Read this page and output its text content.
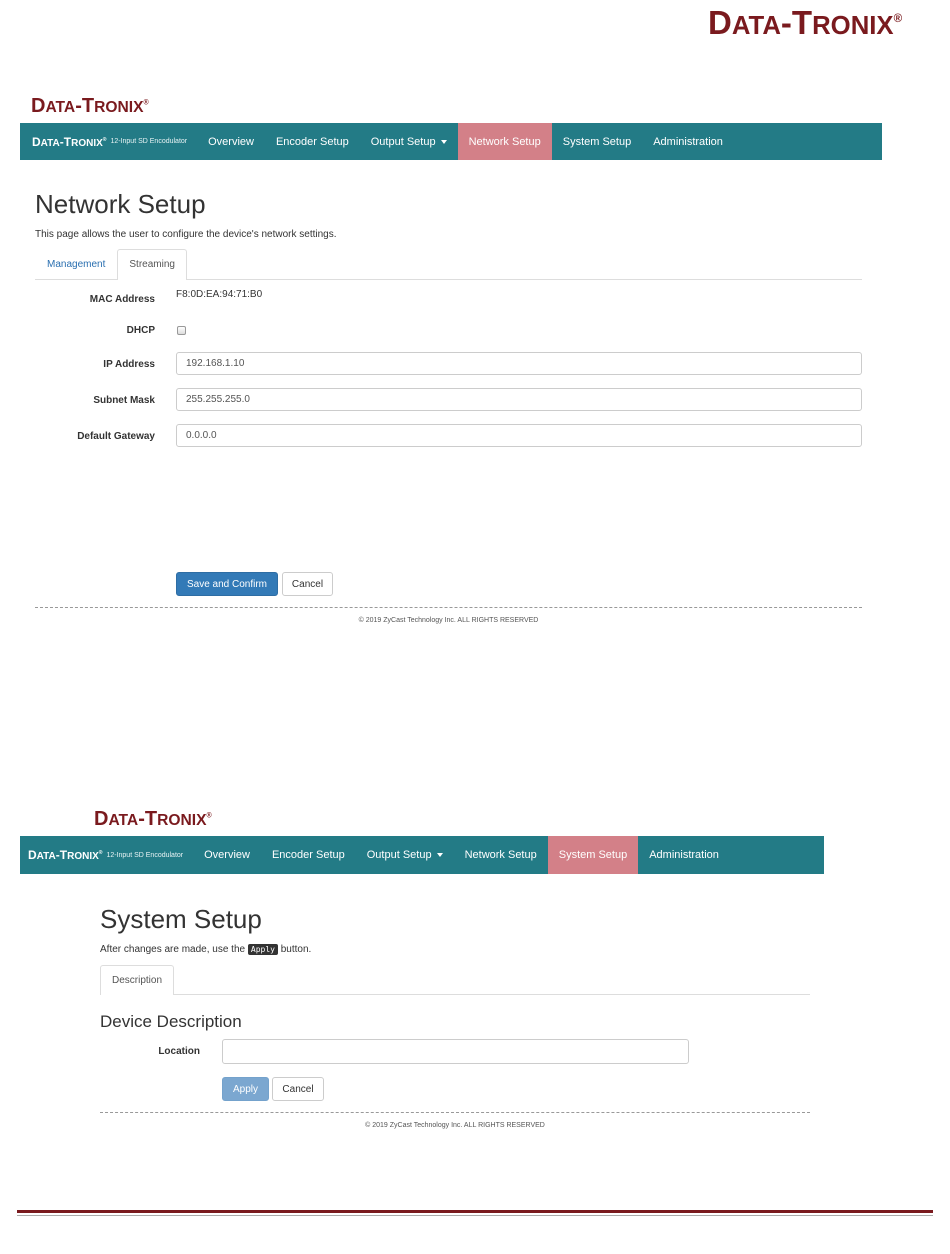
DATA-TRONIX®
DATA-TRONIX®
DATA-TRONIX® 12-Input SD Encodulator	Overview	Encoder Setup	Output Setup	Network Setup	System Setup	Administration
Network Setup
This page allows the user to configure the device's network settings.
Management	Streaming
MAC Address F8:0D:EA:94:71:B0
DHCP
IP Address	192.168.1.10
Subnet Mask	255.255.255.0
Default Gateway	0.0.0.0
Save and Confirm	Cancel
© 2019 ZyCast Technology Inc. ALL RIGHTS RESERVED
DATA-TRONIX®
DATA-TRONIX® 12-Input SD Encodulator	Overview	Encoder Setup	Output Setup	Network Setup	System Setup	Administration
System Setup
After changes are made, use the Apply button.
Description
Device Description
Location
Apply	Cancel
© 2019 ZyCast Technology Inc. ALL RIGHTS RESERVED
